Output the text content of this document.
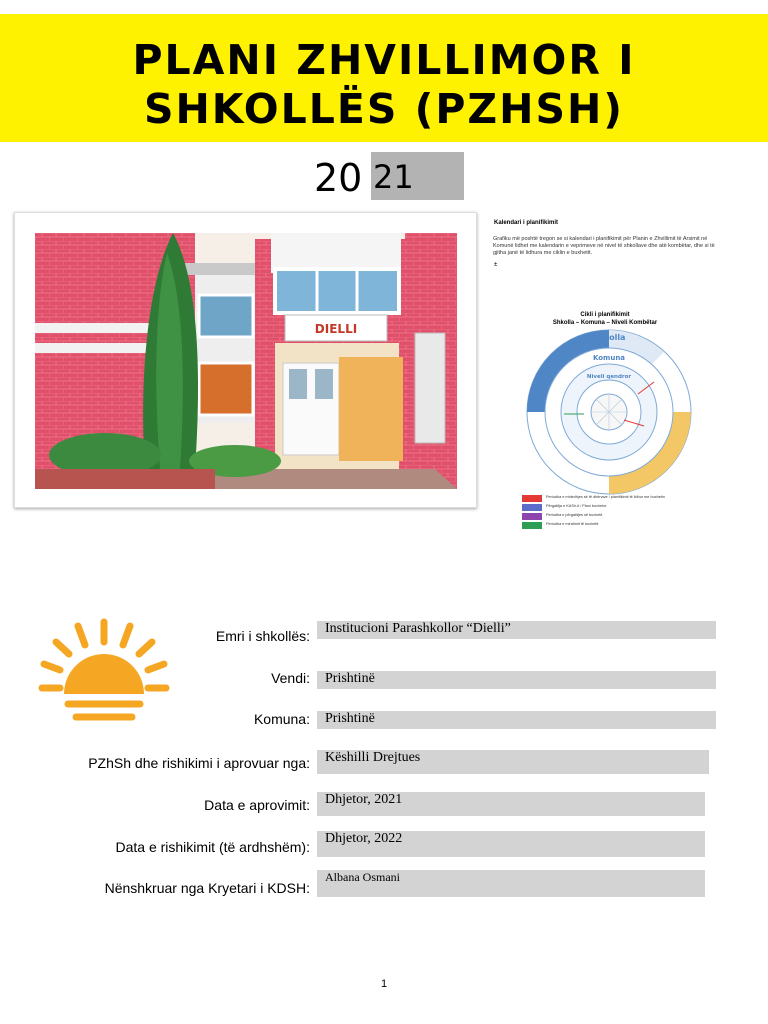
PLANI ZHVILLIMOR I
SHKOLLËS (PZHSH)
20 21
DIELLI
Kalendari i planifikimit
Grafiku më poshtë tregon se si kalendari i planifikimit për Planin e Zhvillimit të Arsimit në Komunë lidhet me kalendarin e veprimeve në nivel të shkollave dhe atë kombëtar, dhe si të gjitha janë të lidhura me ciklin e buxhetit.
±
Cikli i planifikimit
Shkolla – Komuna – Niveli Kombëtar
Shkolla
Komuna
Niveli qendror
Periudha e mbledhjes së të dhënave / planifikimit të lidhur me buxhetin
Përgatitja e KASh-it / Plani buxhetor
Periudha e përgatitjes së buxhetit
Periudha e miratimit të buxhetit
Emri i shkollës:	Institucioni Parashkollor “Dielli”
Vendi:	Prishtinë
Komuna:	Prishtinë
PZhSh dhe rishikimi i aprovuar nga:	Këshilli Drejtues
Data e aprovimit:	Dhjetor, 2021
Data e rishikimit (të ardhshëm):
Dhjetor, 2022
Nënshkruar nga Kryetari i KDSH:
Albana Osmani
1
